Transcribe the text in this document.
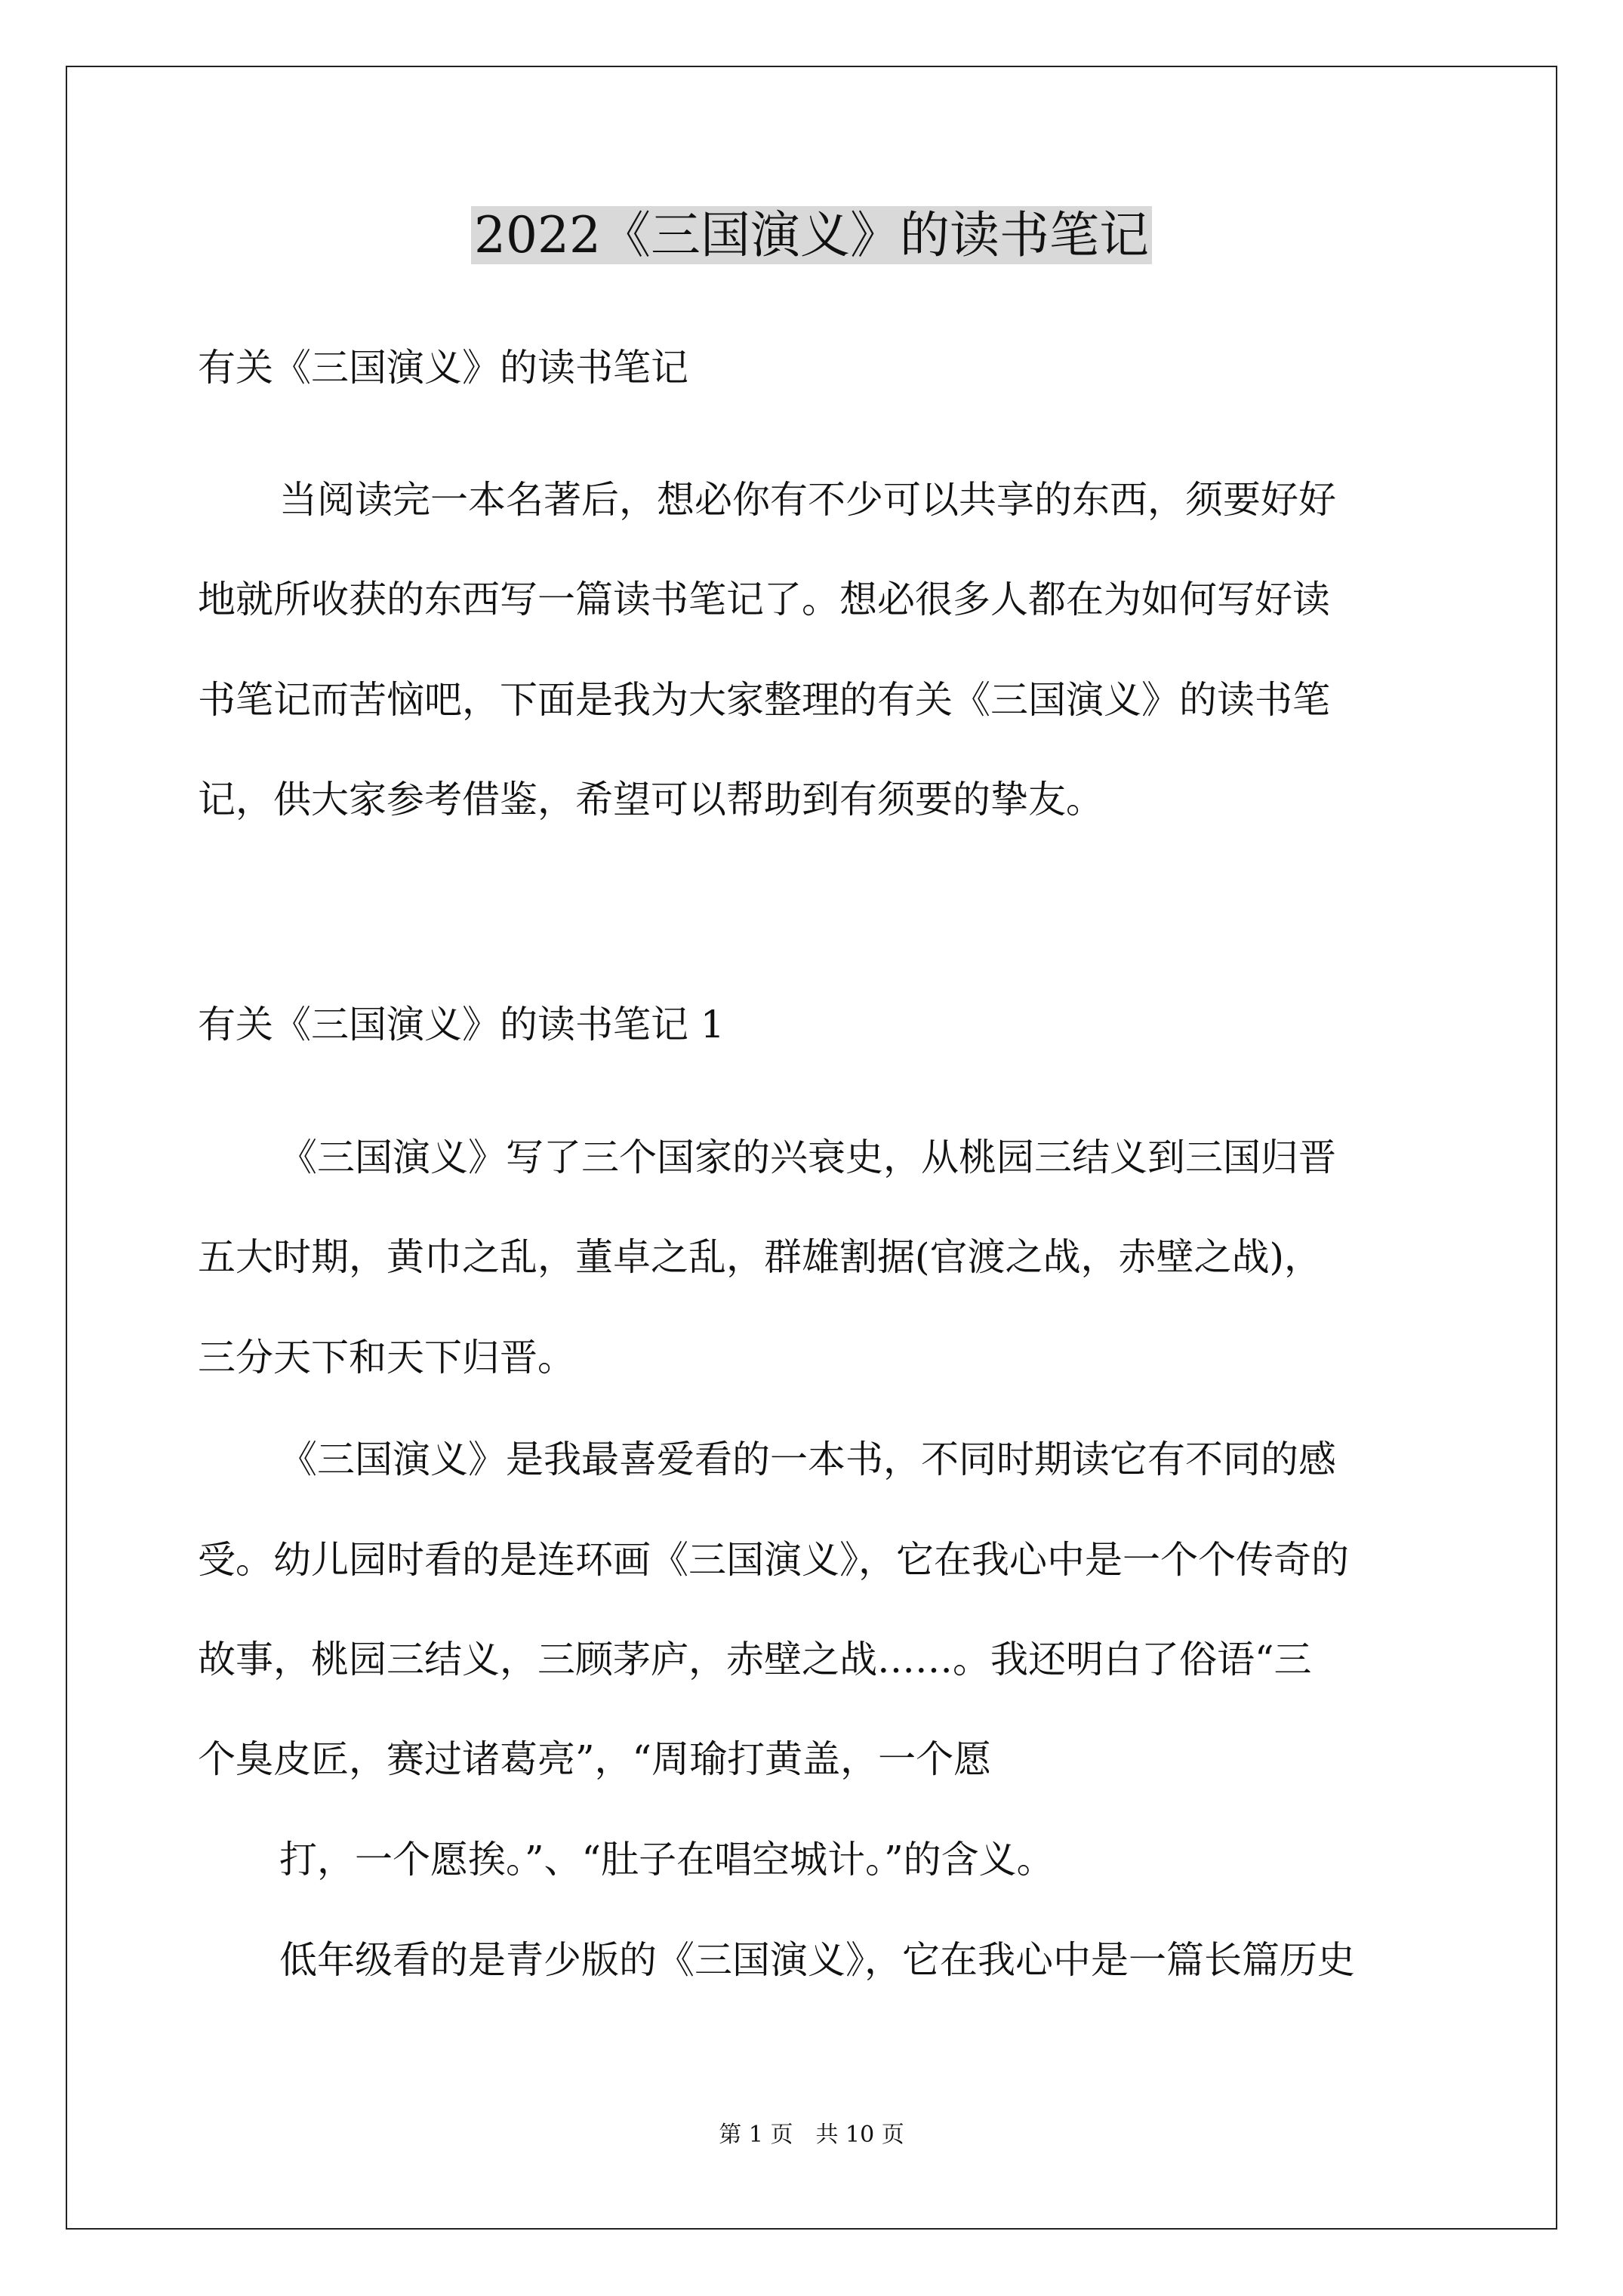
2022《三国演义》的读书笔记
有关《三国演义》的读书笔记
当阅读完一本名著后，想必你有不少可以共享的东西，须要好好
地就所收获的东西写一篇读书笔记了。想必很多人都在为如何写好读
书笔记而苦恼吧，下面是我为大家整理的有关《三国演义》的读书笔
记，供大家参考借鉴，希望可以帮助到有须要的挚友。
有关《三国演义》的读书笔记 1
《三国演义》写了三个国家的兴衰史，从桃园三结义到三国归晋
五大时期，黄巾之乱，董卓之乱，群雄割据(官渡之战，赤壁之战)，
三分天下和天下归晋。
《三国演义》是我最喜爱看的一本书，不同时期读它有不同的感
受。幼儿园时看的是连环画《三国演义》，它在我心中是一个个传奇的
故事，桃园三结义，三顾茅庐，赤壁之战……。我还明白了俗语“三
个臭皮匠，赛过诸葛亮”，“周瑜打黄盖，一个愿
打，一个愿挨。”、“肚子在唱空城计。”的含义。
低年级看的是青少版的《三国演义》，它在我心中是一篇长篇历史
第 1 页　共 10 页
